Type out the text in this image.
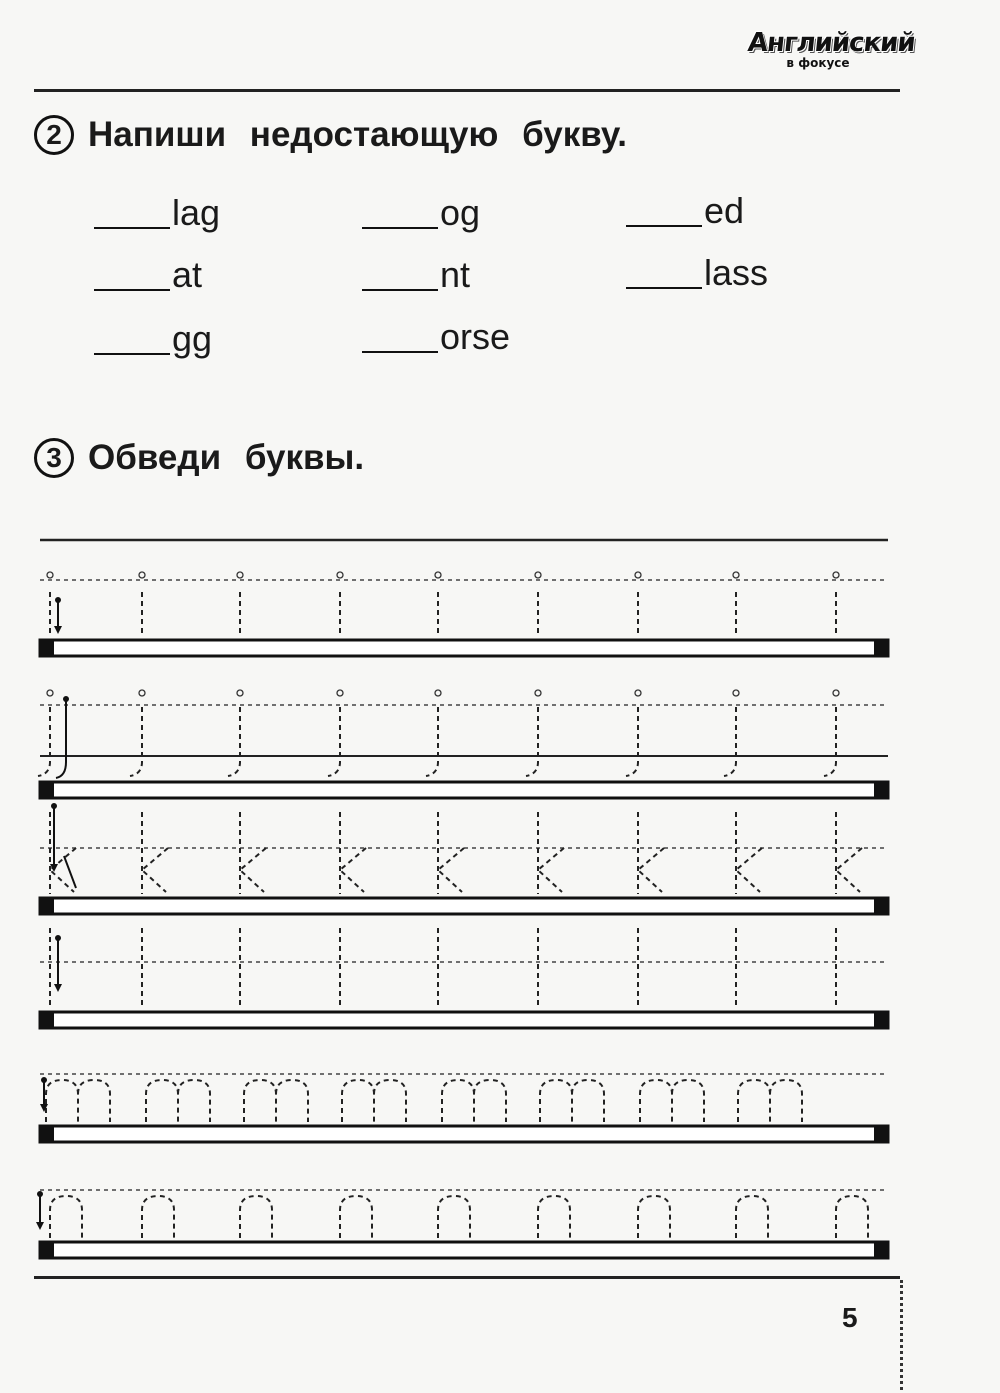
Английский
в фокусе
2 Напиши недостающую букву.
lag	og	ed
at	nt	lass
gg	orse
3 Обведи буквы.
5
